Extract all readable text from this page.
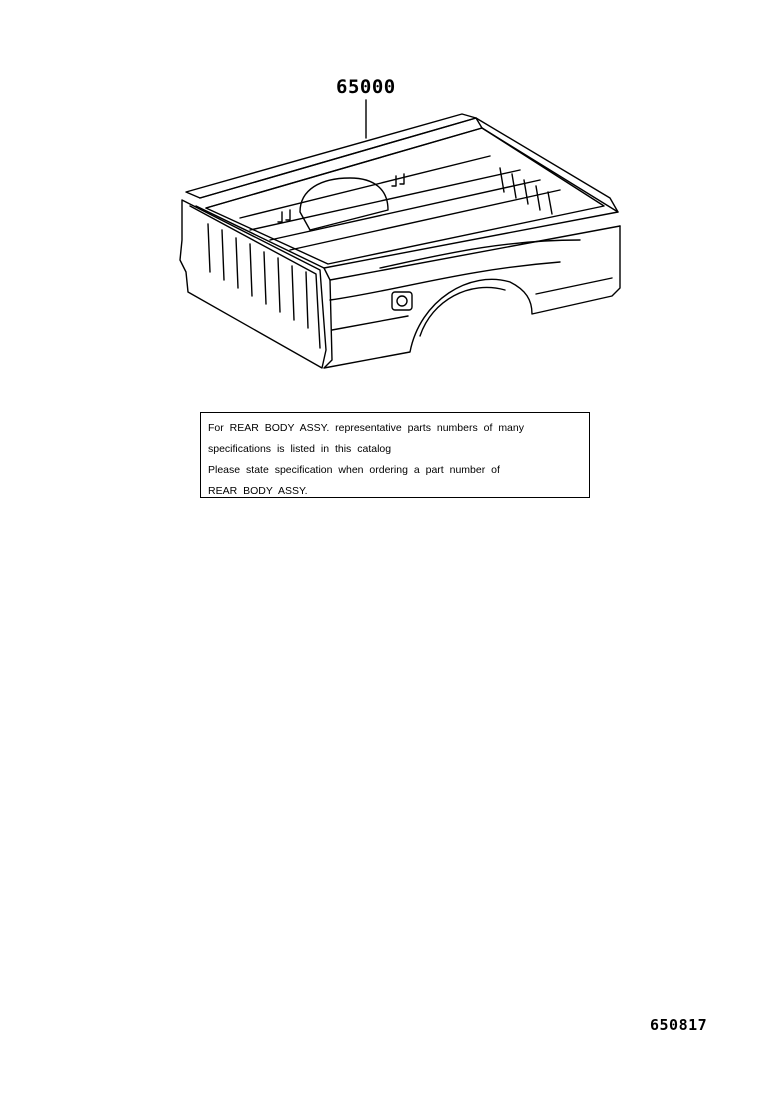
65000
For REAR BODY ASSY. representative parts numbers of many
specifications is listed in this catalog
Please state specification when ordering a part number of
REAR BODY ASSY.
650817
